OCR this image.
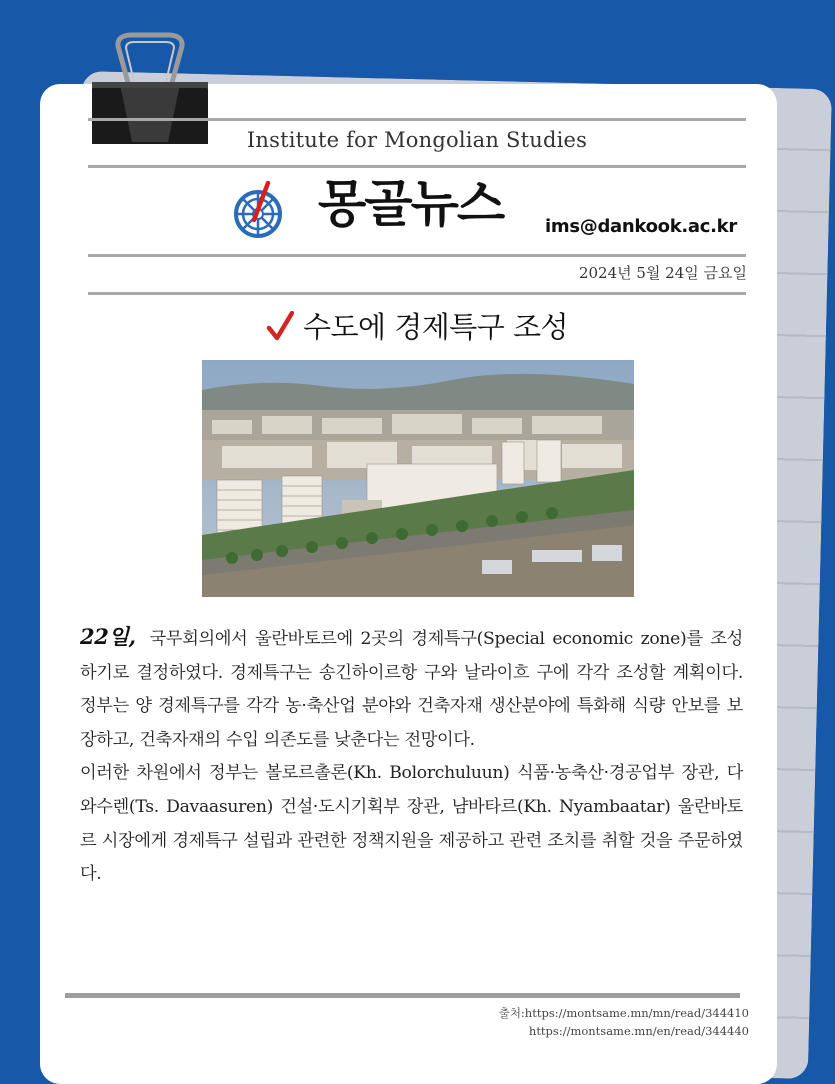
Institute for Mongolian Studies
몽골뉴스 ims@dankook.ac.kr
2024년 5월 24일 금요일
수도에 경제특구 조성

22일, 국무회의에서 울란바토르에 2곳의 경제특구(Special economic zone)를 조성하기로 결정하였다. 경제특구는 송긴하이르항 구와 날라이흐 구에 각각 조성할 계획이다. 정부는 양 경제특구를 각각 농·축산업 분야와 건축자재 생산분야에 특화해 식량 안보를 보장하고, 건축자재의 수입 의존도를 낮춘다는 전망이다.

이러한 차원에서 정부는 볼로르촐론(Kh. Bolorchuluun) 식품·농축산·경공업부 장관, 다와수렌(Ts. Davaasuren) 건설·도시기획부 장관, 냠바타르(Kh. Nyambaatar) 울란바토르 시장에게 경제특구 설립과 관련한 정책지원을 제공하고 관련 조치를 취할 것을 주문하였다.

출처:https://montsame.mn/mn/read/344410
https://montsame.mn/en/read/344440
